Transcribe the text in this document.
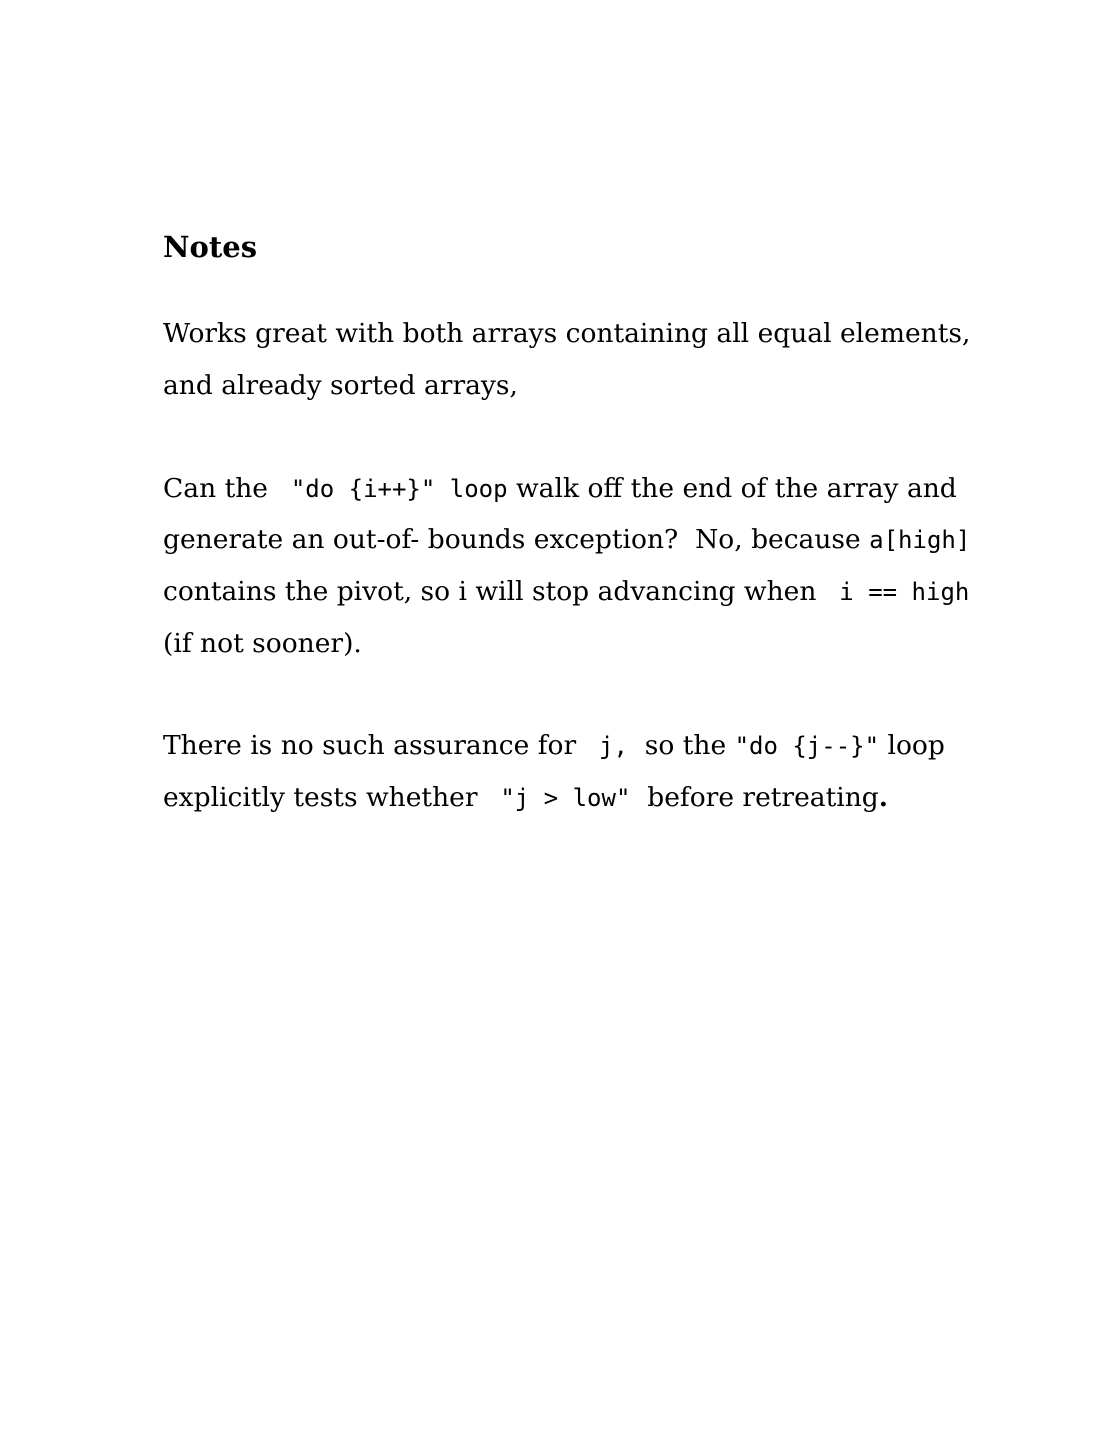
Notes
Works great with both arrays containing all equal elements,
and already sorted arrays,
Can the  "do {i++}" loop walk off the end of the array and
generate an out-of- bounds exception?  No, because a[high]
contains the pivot, so i will stop advancing when  i == high
(if not sooner).
There is no such assurance for  j,  so the "do {j--}" loop
explicitly tests whether  "j > low"  before retreating.
